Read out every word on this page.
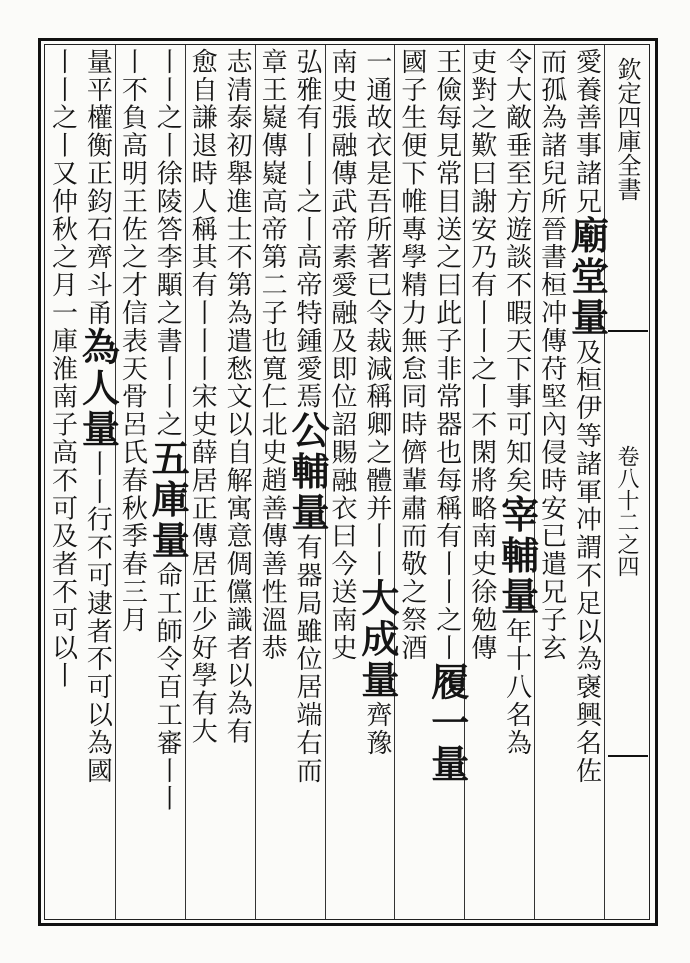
欽定四庫全書
卷八十二之四
愛養善事諸兄廟堂量及桓伊等諸軍冲謂不足以為襃興名佐
而孤為諸兒所晉書桓冲傳苻堅內侵時安已遣兄子玄
令大敵垂至方遊談不暇天下事可知矣宰輔量年十八名為
吏對之歎曰謝安乃有丨丨之丨不閑將略南史徐勉傳
王儉每見常目送之曰此子非常器也每稱有丨丨之丨履一量
國子生便下帷專學精力無怠同時儕輩肅而敬之祭酒
一通故衣是吾所著已令裁減稱卿之體并丨丨大成量齊豫
南史張融傳武帝素愛融及即位詔賜融衣曰今送南史
弘雅有丨丨之丨高帝特鍾愛焉公輔量有器局雖位居端右而
章王嶷傳嶷高帝第二子也寬仁北史趙善傳善性溫恭
志清泰初舉進士不第為遣愁文以自解寓意倜儻識者以為有
愈自謙退時人稱其有丨丨丨宋史薛居正傳居正少好學有大
丨丨之丨徐陵答李顒之書丨丨之五庫量命工師令百工審丨丨
丨不負高明王佐之才信表天骨呂氏春秋季春三月
量平權衡正鈞石齊斗甬為人量丨丨行不可逮者不可以為國
丨丨之丨又仲秋之月一庫淮南子高不可及者不可以丨
